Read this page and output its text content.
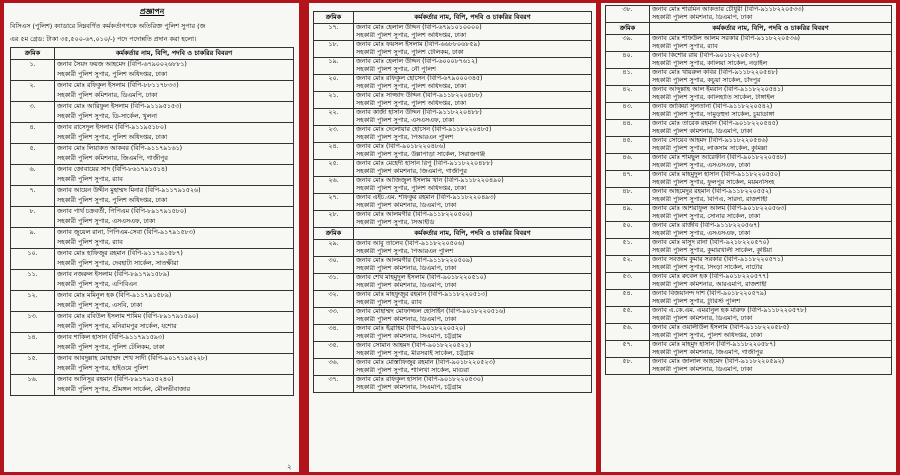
প্রজ্ঞাপন
বিসিএস (পুলিশ) ক্যাডারে নিম্নবর্ণিত কর্মকর্তাগণকে অতিরিক্ত পুলিশ সুপার (জ
এর ৫ম গ্রেড: টাকা ৩৫,৫০০-৬৭,০১০/-) পদে পদোন্নতি প্রদান করা হলো।
ক্রমিক	কর্মকর্তার নাম, বিপি, পদবি ও চাকরির বিবরণ
১.	জনাব সৈয়দ ফয়জ আহমেদ (বিপি-৬৭৯০০২৬৮৮১)
সহকারী পুলিশ সুপার, পুলিশ অধিদপ্তর, ঢাকা

২.	জনাব মোঃ রফিকুল ইসলাম (বিপি-৮৮১১৭৮৩৩)
সহকারী পুলিশ কমিশনার, ডিএমপি, ঢাকা

৩.	জনাব মোঃ আরিফুল ইসলাম (বিপি-৯১১৯৫১৫৩)
সহকারী পুলিশ সুপার, ডি-সার্কেল, খুলনা

৪.	জনাব রাসেদুল ইসলাম (বিপি-৯১১৯৫১৮০)
সহকারী পুলিশ সুপার, পুলিশ অধিদপ্তর, ঢাকা

৫.	জনাব মোঃ লিয়াকত আকবর (বিপি-৯১১৭৯১৬১)
সহকারী পুলিশ কমিশনার, জিএমপি, গাজীপুর

৬.	জনাব জোবায়ের সাদ (বিপি-৮৬১৭৯১৫১৪)
সহকারী পুলিশ সুপার, র‌্যাব

৭.	জনাব আয়েন উদ্দীন মুহাম্মদ মিনার (বিপি-৯১১৭৯১৫২৬)
সহকারী পুলিশ সুপার, পুলিশ অধিদপ্তর, ঢাকা

৮.	জনাব পার্থ চক্রবর্তী, পিপিএম (বিপি-৮৯১৭৯১৫৮০)
সহকারী পুলিশ সুপার, এসএসএফ, ঢাকা

৯.	জনাব জুয়েল রানা, পিপিএম-সেবা (বিপি-৯১৭৯১৫৮৩)
সহকারী পুলিশ সুপার, র‌্যাব

১০.	জনাব মোঃ হাফিজুর রহমান (বিপি-৯১১৭৯১৫৮৭)
সহকারী পুলিশ সুপার, দেবহাটা সার্কেল, সাতক্ষীরা

১১.	জনাব নজরুল ইসলাম (বিপি-৮৯১৭৯১৫৮৯)
সহকারী পুলিশ সুপার, এপিবিএন

১২.	জনাব মোঃ মমিনুল হক (বিপি-৯১১৭৯১৫৮৯)
সহকারী পুলিশ সুপার, এসবি, ঢাকা

১৩.	জনাব মোঃ রবিউল ইসলাম শামিম (বিপি-৮৯১৭৯১৫৯০)
সহকারী পুলিশ সুপার, মনিরামপুর সার্কেল, যশোর

১৪.	জনাব শাকিল হাসান (বিপি-৯১১৭৯১৫৯৩)
সহকারী পুলিশ সুপার, পুলিশ টেলিকম, ঢাকা

১৫.	জনাব আবদুল্লাহ মোহাম্মদ শেখ সাদী (বিপি-৯০১৭১৯৫২২৮)
সহকারী পুলিশ সুপার, হাইওয়ে পুলিশ

১৬.	জনাব আনিসুর রহমান (বিপি-৮৯১৭৯১৫২৪০)
সহকারী পুলিশ সুপার, শ্রীমঙ্গল সার্কেল, মৌলভীবাজার
২
ক্রমিক	কর্মকর্তার নাম, বিপি, পদবি ও চাকরির বিবরণ
১৭.	জনাব মোঃ হেলাল উদ্দিন (বিপি-৬৭৯১০১০০০০)
সহকারী পুলিশ সুপার, পুলিশ অধিদপ্তর, ঢাকা

১৮.	জনাব মোঃ ফয়সল ইসলাম (বিপি-৬৬৮৮০৬৮৫৯)
সহকারী পুলিশ সুপার, পুলিশ টেলিকম, ঢাকা

১৯.	জনাব মোঃ হেলাল উদ্দিন (বিপি-৬০০০৮৭৬১২)
সহকারী পুলিশ সুপার, নৌ পুলিশ

২০.	জনাব মোঃ রফিকুল হোসেন (বিপি-৬৭৯০০০৩৪৫)
সহকারী পুলিশ সুপার, পুলিশ অধিদপ্তর, ঢাকা

২১.	জনাব মোঃ সাজ্জাদ উদ্দিন (বিপি-৯১১৮২২০৪৮৮)
সহকারী পুলিশ সুপার, পুলিশ অধিদপ্তর, ঢাকা

২২.	জনাব কাজী হাসান উদ্দিন (বিপি-৯১১৮২২০৪৮৮)
সহকারী পুলিশ সুপার, এসএসএফ, ঢাকা

২৩.	জনাব মোঃ দেলোয়ার হোসেন (বিপি-৯১১৮২২০৪৮৫)
সহকারী পুলিশ সুপার, পিআরএন পুলিশ

২৪.	জনাব মোঃ (বিপি-৯০১৮২২০৪৮৬)
সহকারী পুলিশ সুপার, উল্লাপাড়া সার্কেল, সিরাজগঞ্জ

২৫.	জনাব মোঃ মেহেদী হাসান রিপু (বিপি-৯১১৮২২০৪৮৮)
সহকারী পুলিশ কমিশনার, জিএমপি, গাজীপুর

২৬.	জনাব মোঃ আজিজুল ইসলাম খান (বিপি-৯১১৮২২০৪৯০)
সহকারী পুলিশ সুপার, পুলিশ অধিদপ্তর, ঢাকা

২৭.	জনাব এইচ.এম. শফিকুর রহমান (বিপি-৯১১৮২২০৪৯৩)
সহকারী পুলিশ কমিশনার, ডিএমপি, ঢাকা

২৮.	জনাব মোঃ আলমগীর (বিপি-৯১১৮২২০৫০০)
সহকারী পুলিশ সুপার, সিআইডি

ক্রমিক	কর্মকর্তার নাম, বিপি, পদবি ও চাকরির বিবরণ
২৯.	জনাব আবু তালেব (বিপি-৯১১৮২২০৫০৬)
সহকারী পুলিশ সুপার, পিআরএন পুলিশ

৩০.	জনাব মোঃ আলমগীর (বিপি-৯১১৮২২০৫০৯)
সহকারী পুলিশ কমিশনার, ডিএমপি, ঢাকা

৩১.	জনাব শেখ মাহমুদুল ইসলাম (বিপি-৯০১৮২২০৫১০)
সহকারী পুলিশ কমিশনার, ডিএমপি, ঢাকা

৩২.	জনাব মোঃ মাহফুজুর রহমান (বিপি-৯১১৮২২০৫১৩)
সহকারী পুলিশ সুপার, র‌্যাব

৩৩.	জনাব মোহাম্মদ মোফাজ্জল হোসাইন (বিপি-৯০১৮২২০৫১৬)
সহকারী পুলিশ কমিশনার, ডিএমপি, ঢাকা

৩৪.	জনাব মোঃ ইব্রাহিম (বিপি-৯০১৮২২০৫২০)
সহকারী পুলিশ কমিশনার, সিএমপি, চট্টগ্রাম

৩৫.	জনাব সোমান আহমদ (বিপি-৯০১৮২২০৫২১)
সহকারী পুলিশ সুপার, মীরসরাই সার্কেল, চট্টগ্রাম

৩৬.	জনাব মোঃ মোস্তাফিজুর রহমান (বিপি-৯০১৮২২০৫২৩)
সহকারী পুলিশ সুপার, শালিখা সার্কেল, মাগুরা

৩৭.	জনাব মোঃ রফিকুল হাসান (বিপি-৯০১৮২২০৫৩০)
সহকারী পুলিশ কমিশনার, সিএমপি, চট্টগ্রাম
৩৮.	জনাব মোঃ শারমিন আকতার চৌধুরী (বিপি-৯১১৮২২০৫৩৩)
সহকারী পুলিশ কমিশনার, ডিএমপি, ঢাকা

ক্রমিক	কর্মকর্তার নাম, বিপি, পদবি ও চাকরির বিবরণ
৩৯.	জনাব মোঃ শফিউল আলম সরকার (বিপি-৯১১৮২২০৫৩৬)
সহকারী পুলিশ সুপার, র‌্যাব

৪০.	জনাব কিশোর রায় (বিপি-৯০১৮২২০৫৩৭)
সহকারী পুলিশ সুপার, কালিয়া সার্কেল, নড়াইল

৪১.	জনাব মোঃ খায়রুল কবির (বিপি-৯১১৮২২০৫৪৮)
সহকারী পুলিশ সুপার, কচুয়া সার্কেল, চাঁদপুর

৪২.	জনাব আব্দুল্লাহ আল ইমরান (বিপি-৯১১৮২২০৫৪১)
সহকারী পুলিশ সুপার, কালিহাতি সার্কেল, টাঙ্গাইল

৪৩.	জনাব জাকিয়া সুলতানা (বিপি-৯১১৮২২০৫৪২)
সহকারী পুলিশ সুপার, দামুড়হুদা সার্কেল, চুয়াডাঙ্গা

৪৪.	জনাব মোঃ তারেক রহমান (বিপি-৯০১৮২২০৫৪৫)
সহকারী পুলিশ কমিশনার, ডিএমপি, ঢাকা

৪৫.	জনাব সোয়েব আহমদ (বিপি-৯১১৮২২০৫৪৬)
সহকারী পুলিশ সুপার, লাকসাম সার্কেল, কুমিল্লা

৪৬.	জনাব মোঃ শামছুল আরেফীন (বিপি-৯০১৮২২০৫৪৮)
সহকারী পুলিশ সুপার, এসএসএফ, ঢাকা

৪৭.	জনাব মোঃ মাহমুদুল হাসান (বিপি-৯১১৮২২০৫৫০)
সহকারী পুলিশ সুপার, ফুলপুর সার্কেল, ময়মনসিংহ

৪৮.	জনাব আহমেদুর রহমান (বিপি-৯১১৮২২০৫৫২)
সহকারী পুলিশ সুপার, বিপিএ, সারদা, রাজশাহী

৪৯.	জনাব মোঃ আশরাফুল আলম (বিপি-৯০১৮২২০৫৬৩)
সহকারী পুলিশ সুপার, সোনার সার্কেল, ঢাকা

৫০.	জনাব মোঃ রাজীব (বিপি-৯১১৮২২০৫৬৭)
সহকারী পুলিশ সুপার, এসএসএফ, ঢাকা

৫১.	জনাব মোঃ মাসুদ রানা (বিপি-৯২১৮২২০৫৭০)
সহকারী পুলিশ সুপার, কুমারখালী সার্কেল, কুষ্টিয়া

৫২.	জনাব সবজাম কুমার সরকার (বিপি-৯১১৮২২০৫৭১)
সহকারী পুলিশ সুপার, সিংড়া সার্কেল, নাটোর

৫৩.	জনাব মোঃ রুবেল হক (বিপি-৯০১৮২২০৫৭৭)
সহকারী পুলিশ কমিশনার, আরএমপি, রাজশাহী

৫৪.	জনাব বিজয়ানন্দ দাশ (বিপি-৯০১৮২২০৫৭৯)
সহকারী পুলিশ সুপার, ট্যুরিস্ট পুলিশ

৫৫.	জনাব এ.কে.এম. এমরানুল হক মারুফ (বিপি-৯১১৮২২০৫৭৮)
সহকারী পুলিশ কমিশনার, ডিএমপি, ঢাকা

৫৬.	জনাব মোঃ ওয়ালীউল ইসলাম (বিপি-৯১১৮২২০৫৮৫)
সহকারী পুলিশ সুপার, পুলিশ অধিদপ্তর, ঢাকা

৫৭.	জনাব মোঃ মাহমুদ হাসান (বিপি-৯১১৮২২০৫৮৭)
সহকারী পুলিশ কমিশনার, জিএমপি, গাজীপুর

৫৮.	জনাব মোঃ জালাল আহমেদ (বিপি-৯১১৮২২০৫৯২)
সহকারী পুলিশ কমিশনার, ডিএমপি, ঢাকা
